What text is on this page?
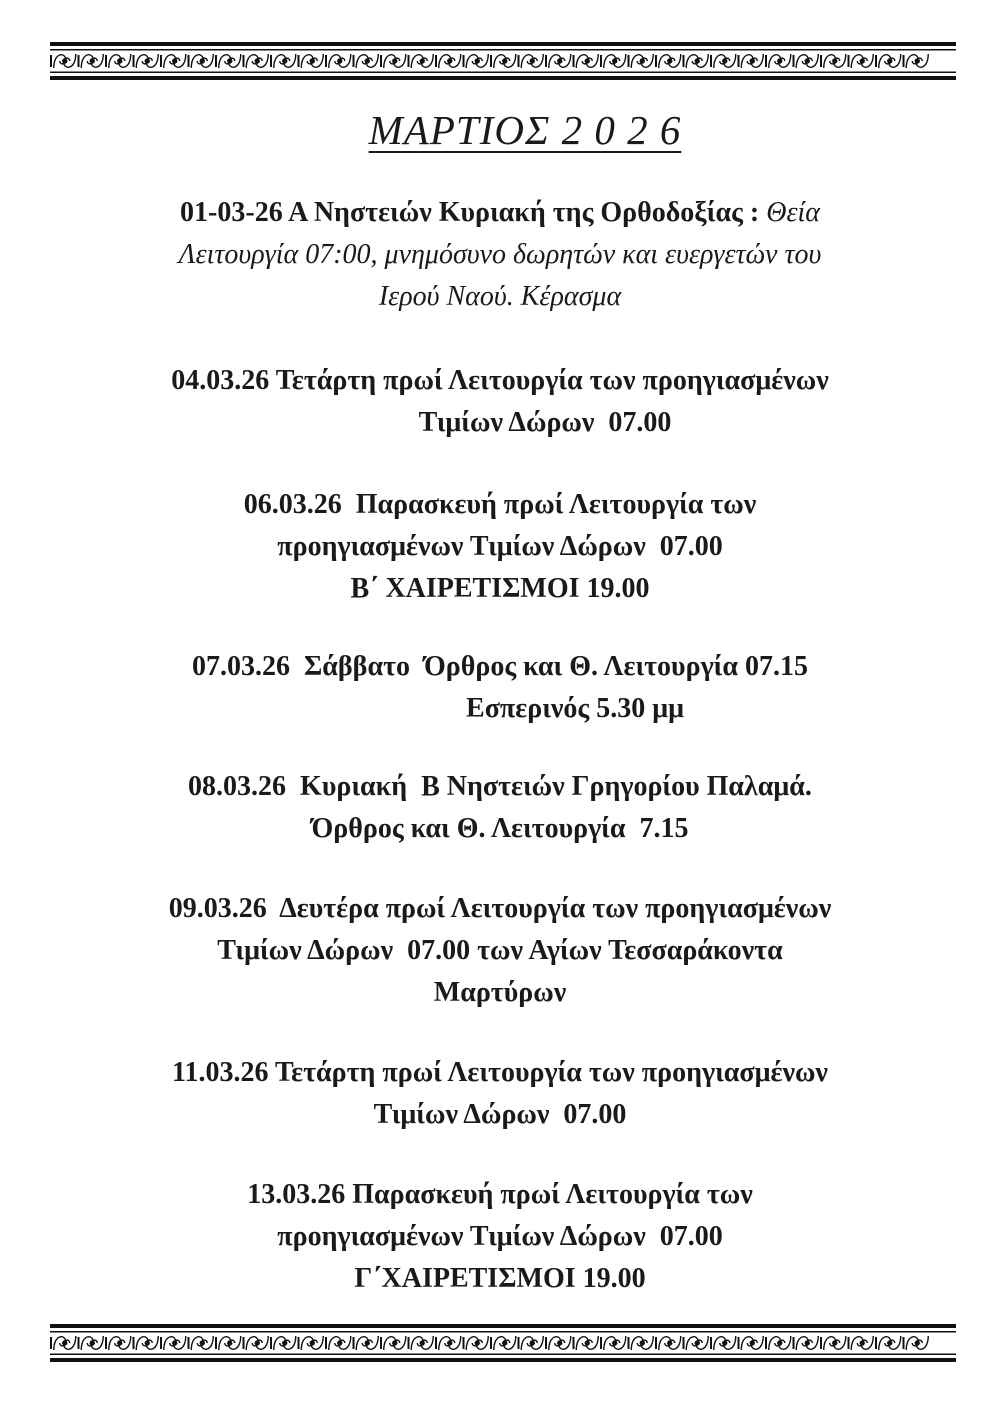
ΜΑΡΤΙΟΣ 2 0 2 6
01-03-26 Α Νηστειών Κυριακή της Ορθοδοξίας : Θεία
Λειτουργία 07:00, μνημόσυνο δωρητών και ευεργετών του
Ιερού Ναού. Κέρασμα
04.03.26 Τετάρτη πρωί Λειτουργία των προηγιασμένων
Τιμίων Δώρων  07.00
06.03.26  Παρασκευή πρωί Λειτουργία των
προηγιασμένων Τιμίων Δώρων  07.00
Β΄ ΧΑΙΡΕΤΙΣΜΟΙ 19.00
07.03.26  Σάββατο  Όρθρος και Θ. Λειτουργία 07.15
Εσπερινός 5.30 μμ
08.03.26  Κυριακή  Β Νηστειών Γρηγορίου Παλαμά.
Όρθρος και Θ. Λειτουργία  7.15
09.03.26  Δευτέρα πρωί Λειτουργία των προηγιασμένων
Τιμίων Δώρων  07.00 των Αγίων Τεσσαράκοντα
Μαρτύρων
11.03.26 Τετάρτη πρωί Λειτουργία των προηγιασμένων
Τιμίων Δώρων  07.00
13.03.26 Παρασκευή πρωί Λειτουργία των
προηγιασμένων Τιμίων Δώρων  07.00
Γ΄ΧΑΙΡΕΤΙΣΜΟΙ 19.00
